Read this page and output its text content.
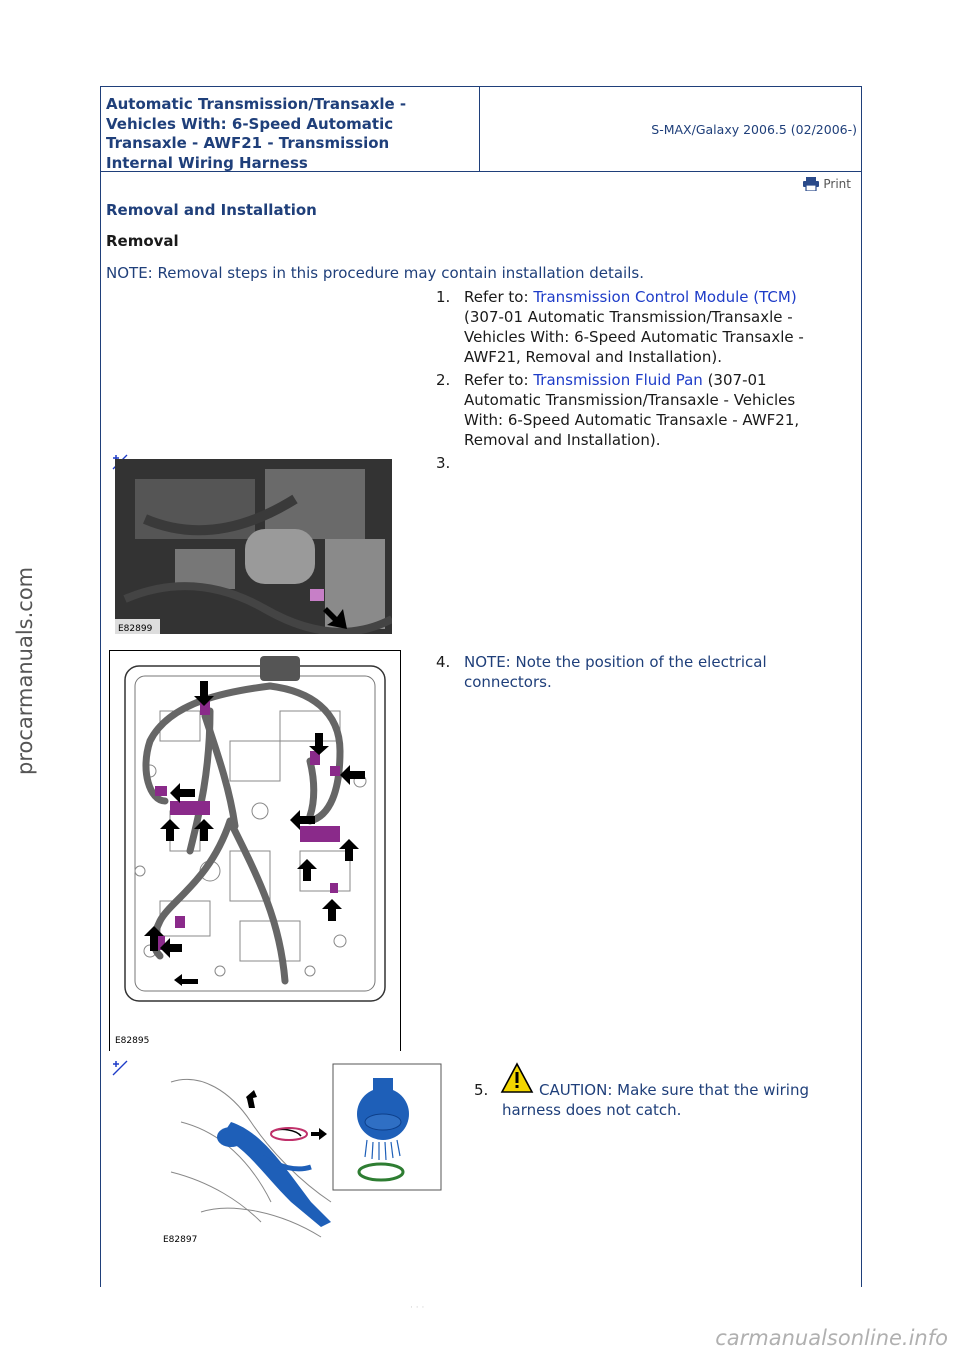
Automatic Transmission/Transaxle -
Vehicles With: 6-Speed Automatic
Transaxle - AWF21 - Transmission
Internal Wiring Harness
S-MAX/Galaxy 2006.5 (02/2006-)
Print
Removal and Installation
Removal
NOTE: Removal steps in this procedure may contain installation details.
1. Refer to: Transmission Control Module (TCM)
(307-01 Automatic Transmission/Transaxle -
Vehicles With: 6-Speed Automatic Transaxle -
AWF21, Removal and Installation).
2. Refer to: Transmission Fluid Pan (307-01
Automatic Transmission/Transaxle - Vehicles
With: 6-Speed Automatic Transaxle - AWF21,
Removal and Installation).
E82899
3.
E82895
4. NOTE: Note the position of the electrical
connectors.
E82897
5.	CAUTION: Make sure that the wiring
harness does not catch.
procarmanuals.com
· · ·
carmanualsonline.info
